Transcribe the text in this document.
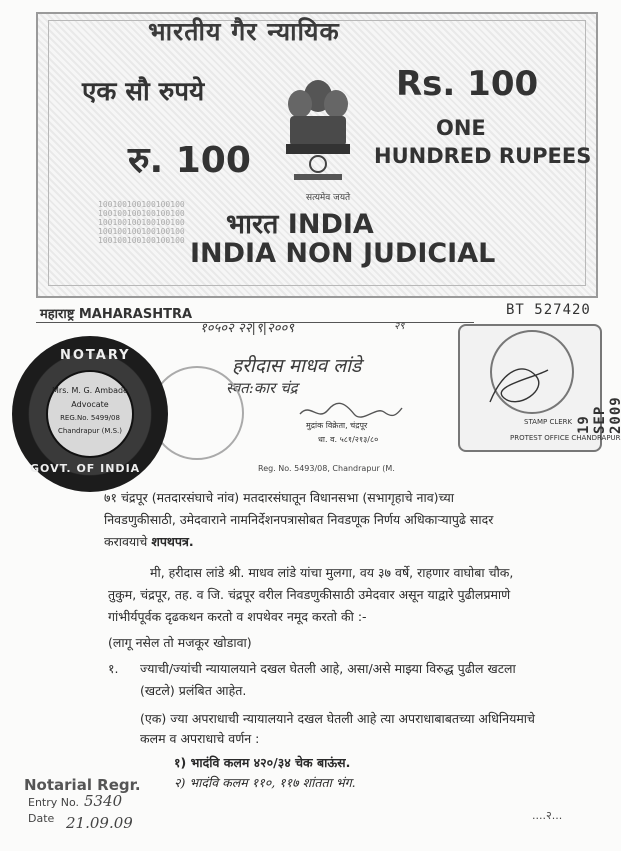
भारतीय गैर न्यायिक
एक सौ रुपये	Rs. 100
रु. 100
ONE
HUNDRED RUPEES
सत्यमेव जयते
100100100100100100 100100100100100100 100100100100100100 100100100100100100 100100100100100100
भारत INDIA
INDIA NON JUDICIAL
महाराष्ट्र MAHARASHTRA	BT 527420
१०५०२ २२|९|२००९	२९
हरीदास माधव लांडे
स्वत:कार चंद्र
मुद्रांक विक्रेता, चंद्रपूर
धा. व. ५८१/२१३/८०
Reg. No. 5493/08, Chandrapur (M.
NOTARY
GOVT. OF INDIA
Mrs. M. G. Ambade
Advocate
REG.No. 5499/08
Chandrapur (M.S.)	19 SEP 2009
STAMP CLERK
PROTEST OFFICE CHANDRAPUR
७१ चंद्रपूर (मतदारसंघाचे नांव) मतदारसंघातून विधानसभा (सभागृहाचे नाव)च्या
निवडणुकीसाठी, उमेदवाराने नामनिर्देशनपत्रासोबत निवडणूक निर्णय अधिकाऱ्यापुढे सादर
करावयाचे शपथपत्र.
मी, हरीदास लांडे श्री. माधव लांडे यांचा मुलगा, वय ३७ वर्षे, राहणार वाघोबा चौक,
तुकुम, चंद्रपूर, तह. व जि. चंद्रपूर वरील निवडणुकीसाठी उमेदवार असून याद्वारे पुढीलप्रमाणे
गांभीर्यपूर्वक दृढकथन करतो व शपथेवर नमूद करतो की :-
(लागू नसेल तो मजकूर खोडावा)
१. ज्याची/ज्यांची न्यायालयाने दखल घेतली आहे, असा/असे माझ्या विरुद्ध पुढील खटला
(खटले) प्रलंबित आहेत.
(एक) ज्या अपराधाची न्यायालयाने दखल घेतली आहे त्या अपराधाबाबतच्या अधिनियमाचे
कलम व अपराधाचे वर्णन :
१) भादंवि कलम ४२०/३४ चेक बाऊंस.
२) भादंवि कलम ११०, ११७ शांतता भंग.
Notarial Regr.
Entry No. 5340
Date 21.09.09	....२...
